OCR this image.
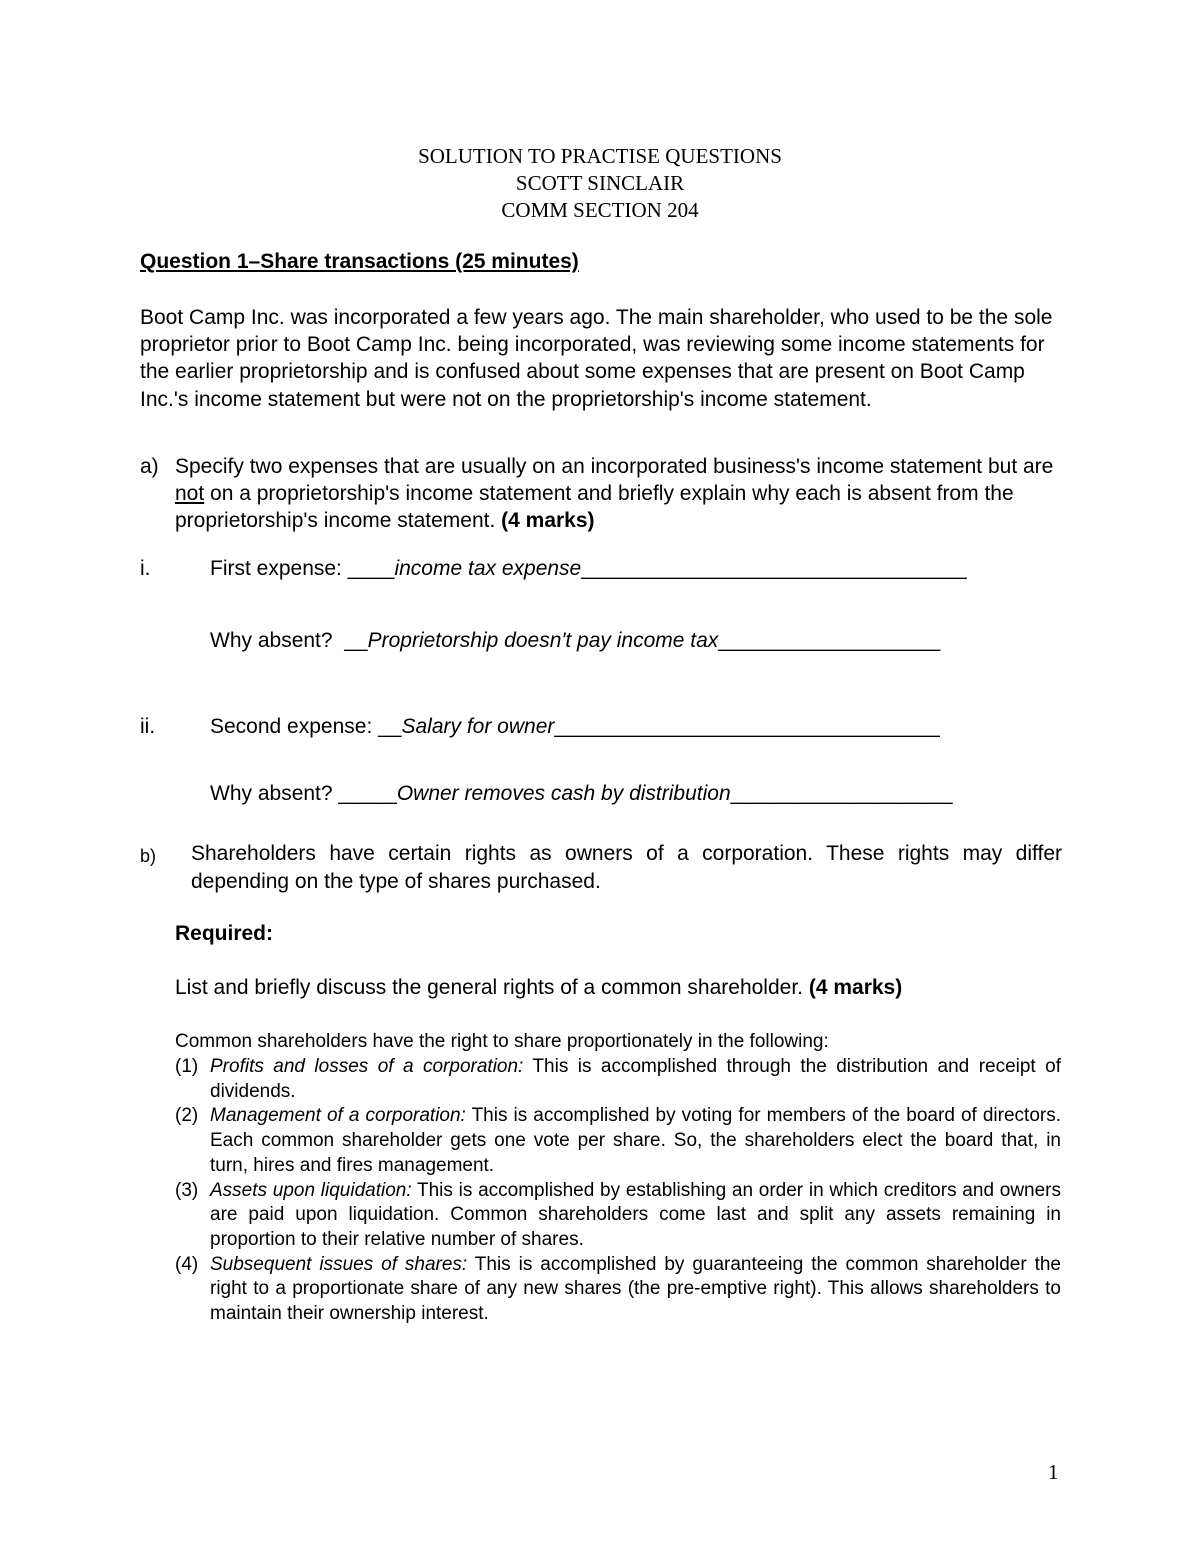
SOLUTION TO PRACTISE QUESTIONS
SCOTT SINCLAIR
COMM SECTION 204
Question 1–Share transactions (25 minutes)
Boot Camp Inc. was incorporated a few years ago. The main shareholder, who used to be the sole proprietor prior to Boot Camp Inc. being incorporated, was reviewing some income statements for the earlier proprietorship and is confused about some expenses that are present on Boot Camp Inc.'s income statement but were not on the proprietorship's income statement.
a) Specify two expenses that are usually on an incorporated business's income statement but are not on a proprietorship's income statement and briefly explain why each is absent from the proprietorship's income statement. (4 marks)
i.	First expense: ____income tax expense_________________________________
Why absent?  __Proprietorship doesn't pay income tax___________________
ii.	Second expense: __Salary for owner_________________________________
Why absent? _____Owner removes cash by distribution___________________
b) Shareholders have certain rights as owners of a corporation. These rights may differ depending on the type of shares purchased.
Required:
List and briefly discuss the general rights of a common shareholder. (4 marks)
Common shareholders have the right to share proportionately in the following:
(1) Profits and losses of a corporation: This is accomplished through the distribution and receipt of dividends.
(2) Management of a corporation: This is accomplished by voting for members of the board of directors. Each common shareholder gets one vote per share. So, the shareholders elect the board that, in turn, hires and fires management.
(3) Assets upon liquidation: This is accomplished by establishing an order in which creditors and owners are paid upon liquidation. Common shareholders come last and split any assets remaining in proportion to their relative number of shares.
(4) Subsequent issues of shares: This is accomplished by guaranteeing the common shareholder the right to a proportionate share of any new shares (the pre-emptive right). This allows shareholders to maintain their ownership interest.
1
